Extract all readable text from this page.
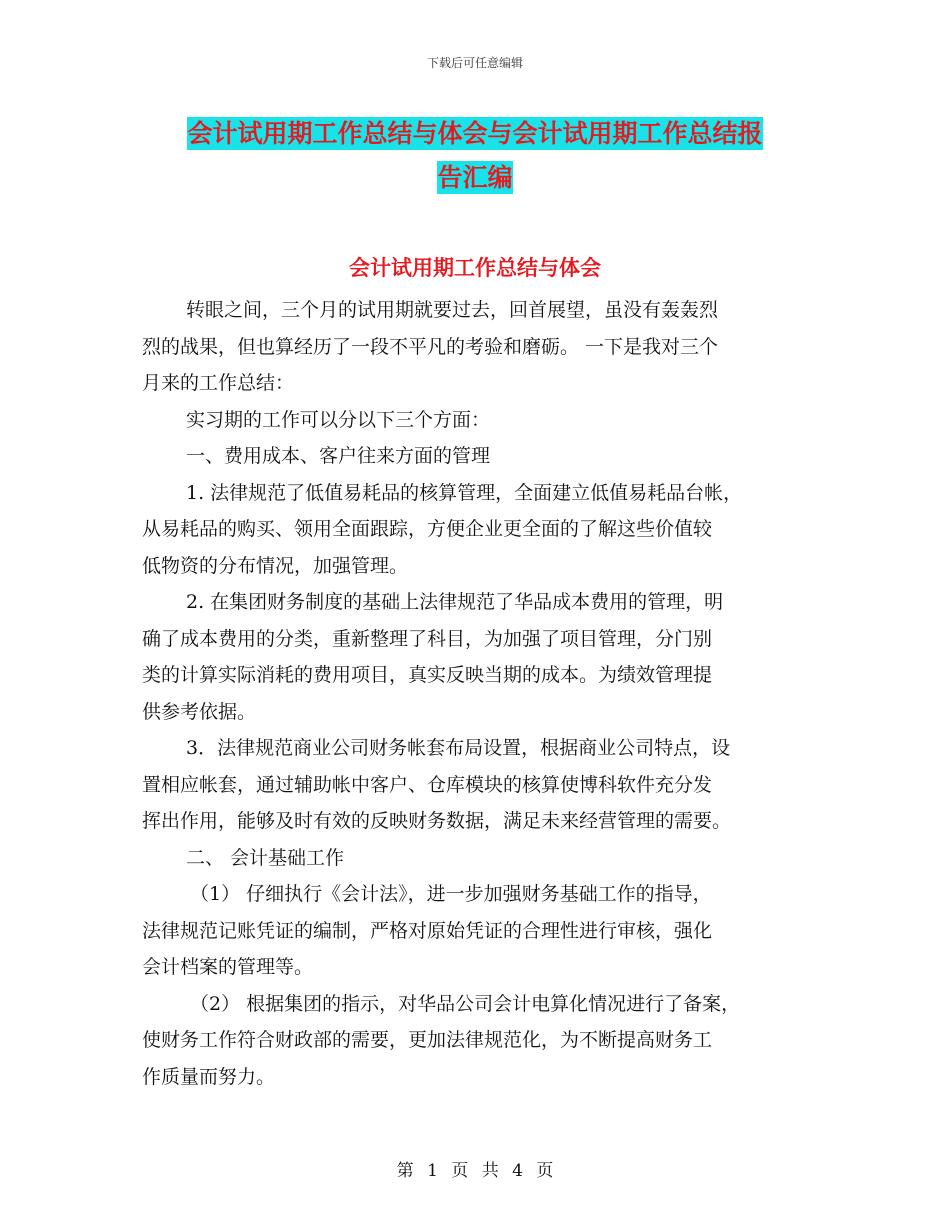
下载后可任意编辑
会计试用期工作总结与体会与会计试用期工作总结报
告汇编
会计试用期工作总结与体会
转眼之间，三个月的试用期就要过去，回首展望，虽没有轰轰烈
烈的战果，但也算经历了一段不平凡的考验和磨砺。 一下是我对三个
月来的工作总结：
实习期的工作可以分以下三个方面：
一、费用成本、客户往来方面的管理
1. 法律规范了低值易耗品的核算管理，全面建立低值易耗品台帐，
从易耗品的购买、领用全面跟踪，方便企业更全面的了解这些价值较
低物资的分布情况，加强管理。
2. 在集团财务制度的基础上法律规范了华品成本费用的管理，明
确了成本费用的分类，重新整理了科目，为加强了项目管理，分门别
类的计算实际消耗的费用项目，真实反映当期的成本。为绩效管理提
供参考依据。
3．法律规范商业公司财务帐套布局设置，根据商业公司特点，设
置相应帐套，通过辅助帐中客户、仓库模块的核算使博科软件充分发
挥出作用，能够及时有效的反映财务数据，满足未来经营管理的需要。
二、 会计基础工作
（1） 仔细执行《会计法》，进一步加强财务基础工作的指导，
法律规范记账凭证的编制，严格对原始凭证的合理性进行审核，强化
会计档案的管理等。
（2） 根据集团的指示，对华品公司会计电算化情况进行了备案，
使财务工作符合财政部的需要，更加法律规范化，为不断提高财务工
作质量而努力。
第 1 页 共 4 页
